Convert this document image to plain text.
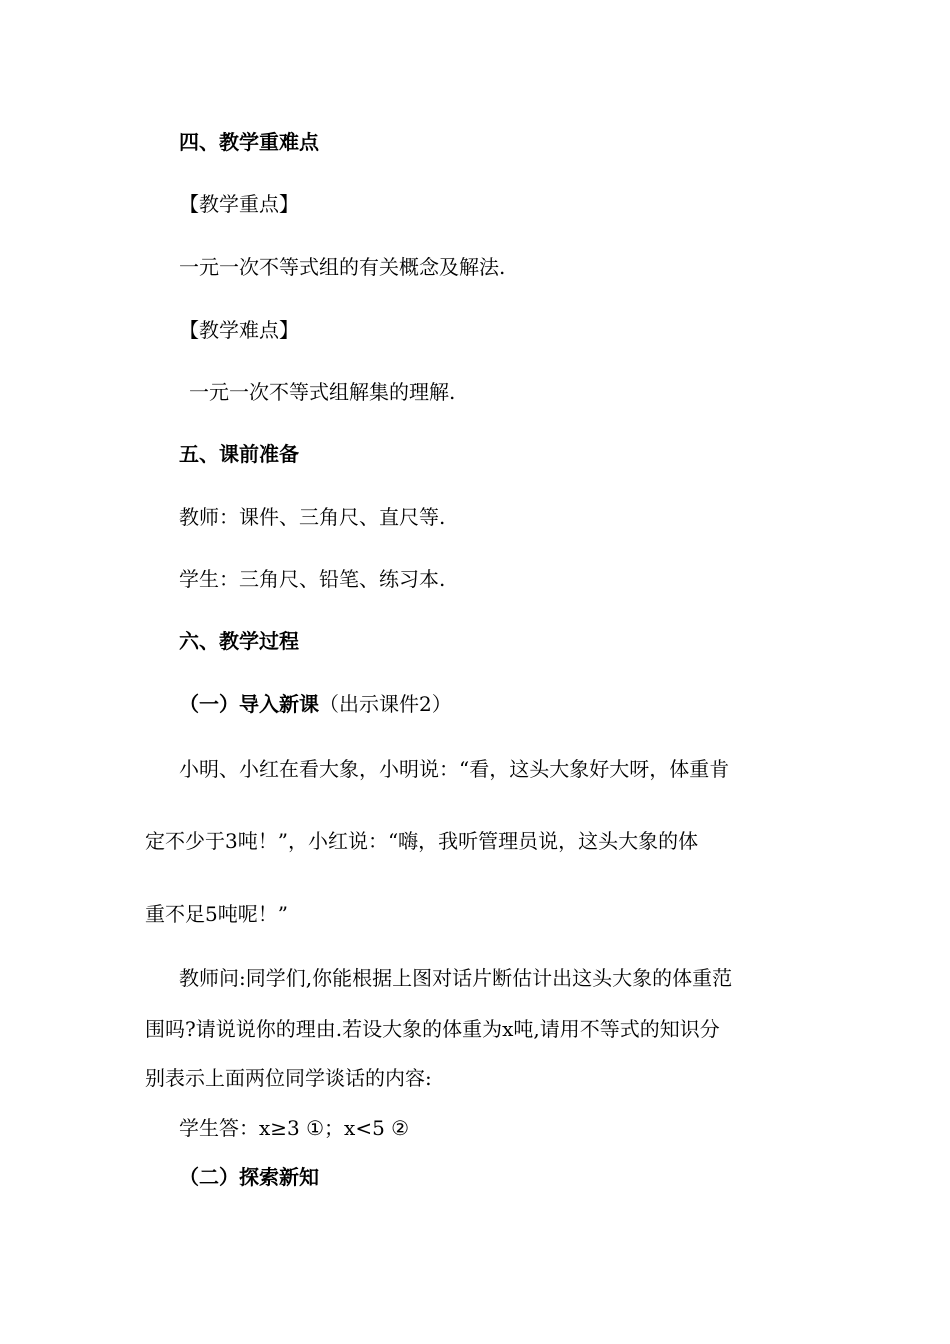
四、教学重难点
【教学重点】
一元一次不等式组的有关概念及解法.
【教学难点】
一元一次不等式组解集的理解.
五、课前准备
教师：课件、三角尺、直尺等.
学生：三角尺、铅笔、练习本.
六、教学过程
（一）导入新课（出示课件2）
小明、小红在看大象，小明说：“看，这头大象好大呀，体重肯
定不少于3吨！”，小红说：“嗨，我听管理员说，这头大象的体
重不足5吨呢！”
教师问:同学们,你能根据上图对话片断估计出这头大象的体重范
围吗?请说说你的理由.若设大象的体重为x吨,请用不等式的知识分
别表示上面两位同学谈话的内容:
学生答：x≥3 ①；x<5 ②
（二）探索新知
